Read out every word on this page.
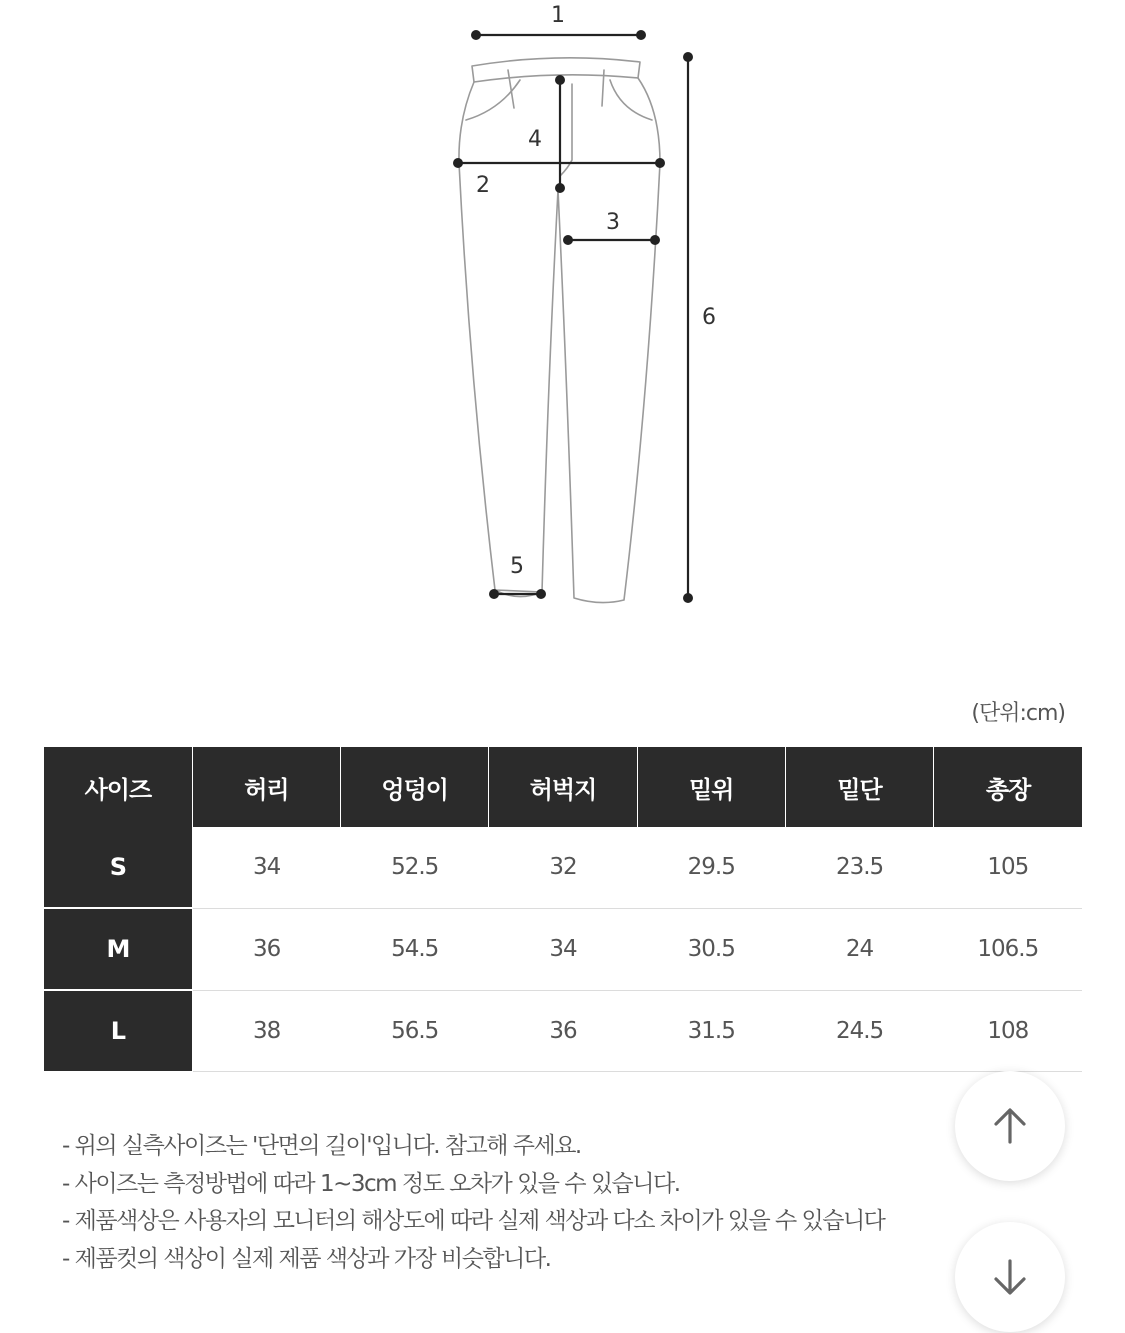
1
2
3
4
5
6
(단위:cm)
사이즈	허리	엉덩이	허벅지	밑위	밑단	총장
S	34	52.5	32	29.5	23.5	105
M	36	54.5	34	30.5	24	106.5
L	38	56.5	36	31.5	24.5	108
- 위의 실측사이즈는 '단면의 길이'입니다. 참고해 주세요.
- 사이즈는 측정방법에 따라 1~3cm 정도 오차가 있을 수 있습니다.
- 제품색상은 사용자의 모니터의 해상도에 따라 실제 색상과 다소 차이가 있을 수 있습니다
- 제품컷의 색상이 실제 제품 색상과 가장 비슷합니다.
